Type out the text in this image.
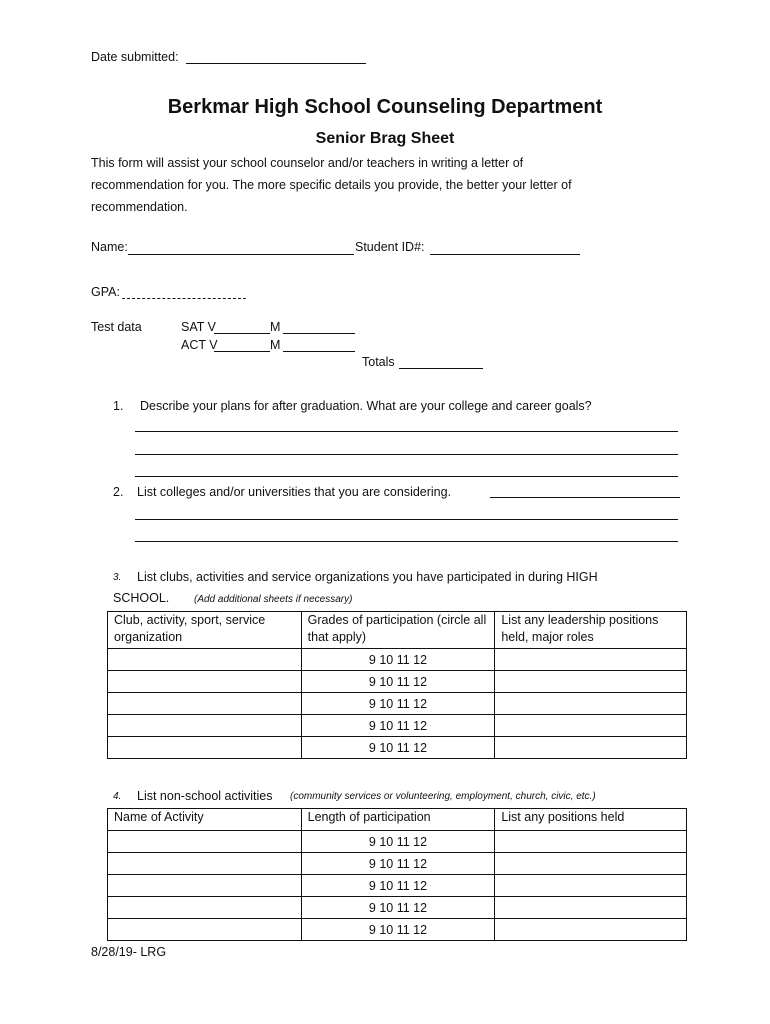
Date submitted:
Berkmar High School Counseling Department
Senior Brag Sheet
This form will assist your school counselor and/or teachers in writing a letter of
recommendation for you. The more specific details you provide, the better your letter of
recommendation.
Name:	Student ID#:
GPA:
Test data	SAT V	M
ACT V	M
Totals
1. Describe your plans for after graduation. What are your college and career goals?
2. List colleges and/or universities that you are considering.
3. List clubs, activities and service organizations you have participated in during HIGH
SCHOOL. (Add additional sheets if necessary)
Club, activity, sport, service organization	Grades of participation (circle all that apply)	List any leadership positions held, major roles
	9 10 11 12	
	9 10 11 12	
	9 10 11 12	
	9 10 11 12	
	9 10 11 12	
4. List non-school activities (community services or volunteering, employment, church, civic, etc.)
Name of Activity	Length of participation	List any positions held
	9 10 11 12	
	9 10 11 12	
	9 10 11 12	
	9 10 11 12	
	9 10 11 12	
8/28/19- LRG
